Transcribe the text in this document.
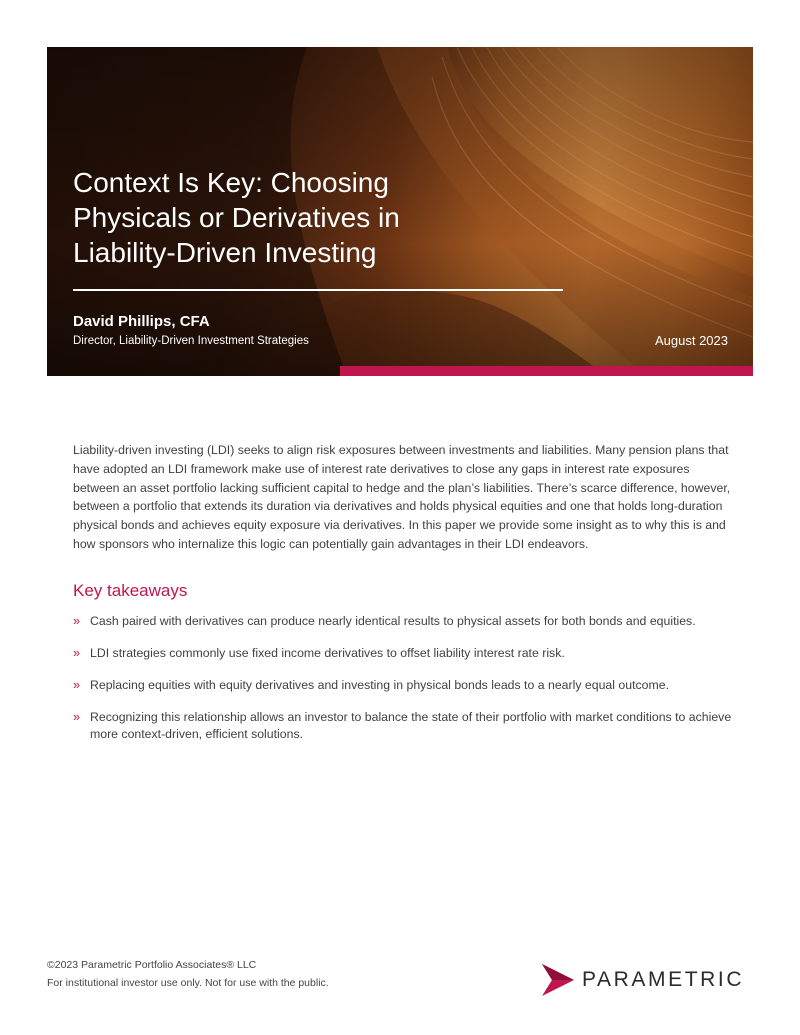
Context Is Key: Choosing Physicals or Derivatives in Liability-Driven Investing
David Phillips, CFA
Director, Liability-Driven Investment Strategies	August 2023

Liability-driven investing (LDI) seeks to align risk exposures between investments and liabilities. Many pension plans that have adopted an LDI framework make use of interest rate derivatives to close any gaps in interest rate exposures between an asset portfolio lacking sufficient capital to hedge and the plan’s liabilities. There’s scarce difference, however, between a portfolio that extends its duration via derivatives and holds physical equities and one that holds long-duration physical bonds and achieves equity exposure via derivatives. In this paper we provide some insight as to why this is and how sponsors who internalize this logic can potentially gain advantages in their LDI endeavors.

Key takeaways
» Cash paired with derivatives can produce nearly identical results to physical assets for both bonds and equities.
» LDI strategies commonly use fixed income derivatives to offset liability interest rate risk.
» Replacing equities with equity derivatives and investing in physical bonds leads to a nearly equal outcome.
» Recognizing this relationship allows an investor to balance the state of their portfolio with market conditions to achieve more context-driven, efficient solutions.
©2023 Parametric Portfolio Associates® LLC
For institutional investor use only. Not for use with the public.	PARAMETRIC
